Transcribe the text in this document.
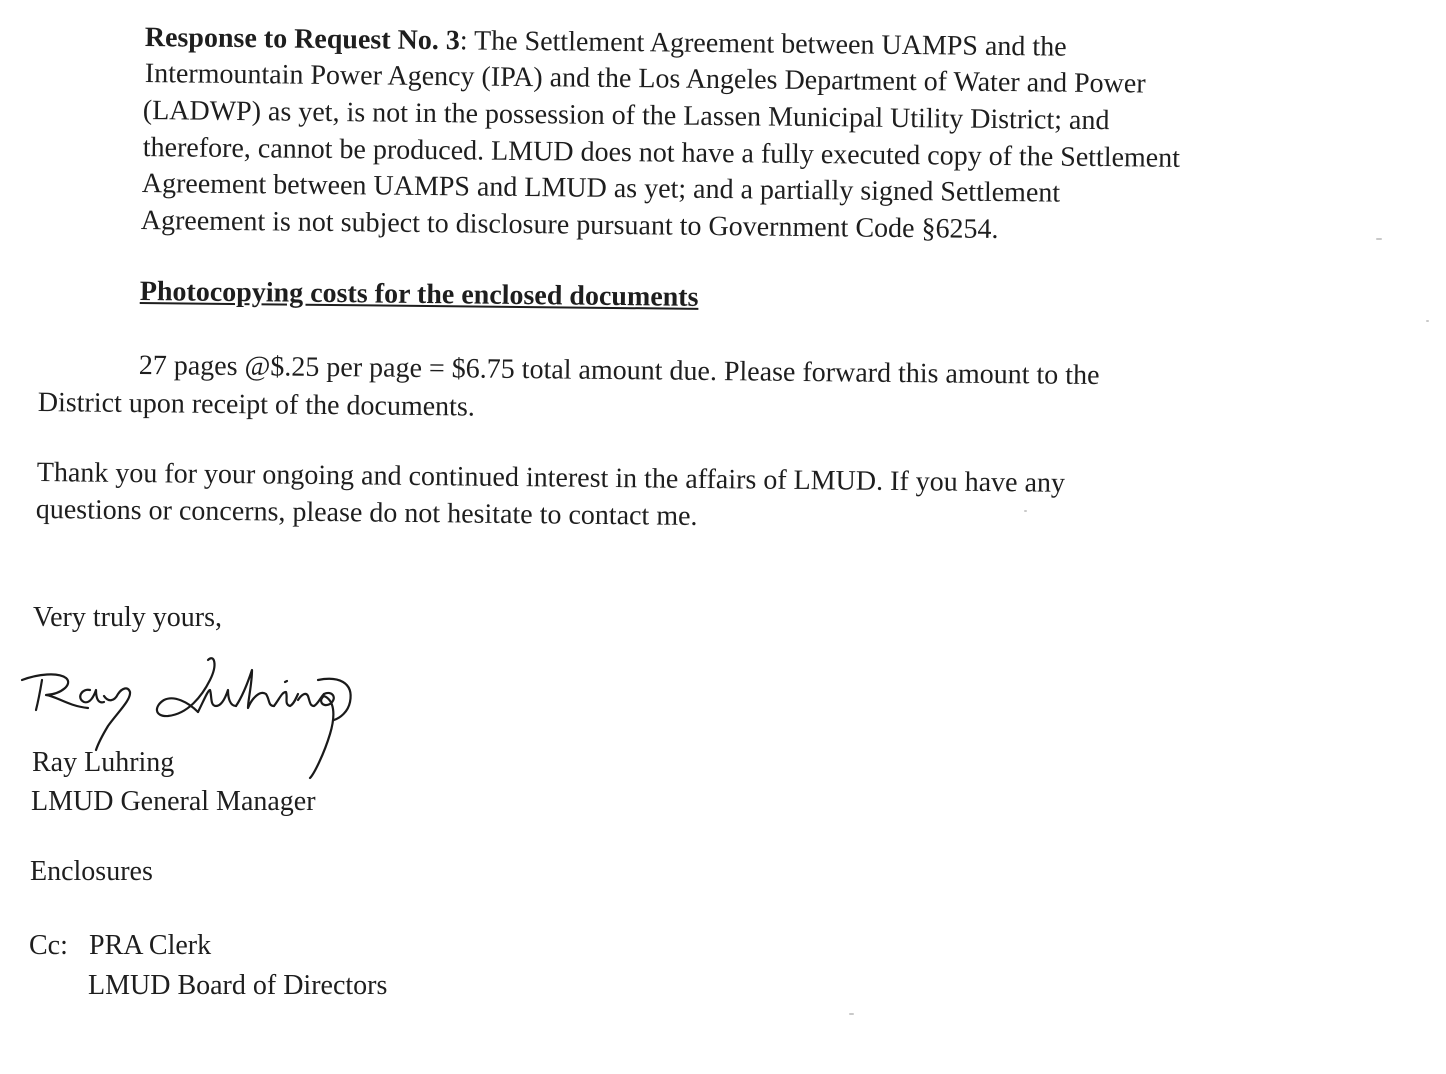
Response to Request No. 3: The Settlement Agreement between UAMPS and the
Intermountain Power Agency (IPA) and the Los Angeles Department of Water and Power
(LADWP) as yet, is not in the possession of the Lassen Municipal Utility District; and
therefore, cannot be produced. LMUD does not have a fully executed copy of the Settlement
Agreement between UAMPS and LMUD as yet; and a partially signed Settlement
Agreement is not subject to disclosure pursuant to Government Code §6254.
Photocopying costs for the enclosed documents
27 pages @$.25 per page = $6.75 total amount due. Please forward this amount to the
District upon receipt of the documents.
Thank you for your ongoing and continued interest in the affairs of LMUD. If you have any
questions or concerns, please do not hesitate to contact me.
Very truly yours,
Ray Luhring
LMUD General Manager
Enclosures
Cc: PRA Clerk
LMUD Board of Directors
